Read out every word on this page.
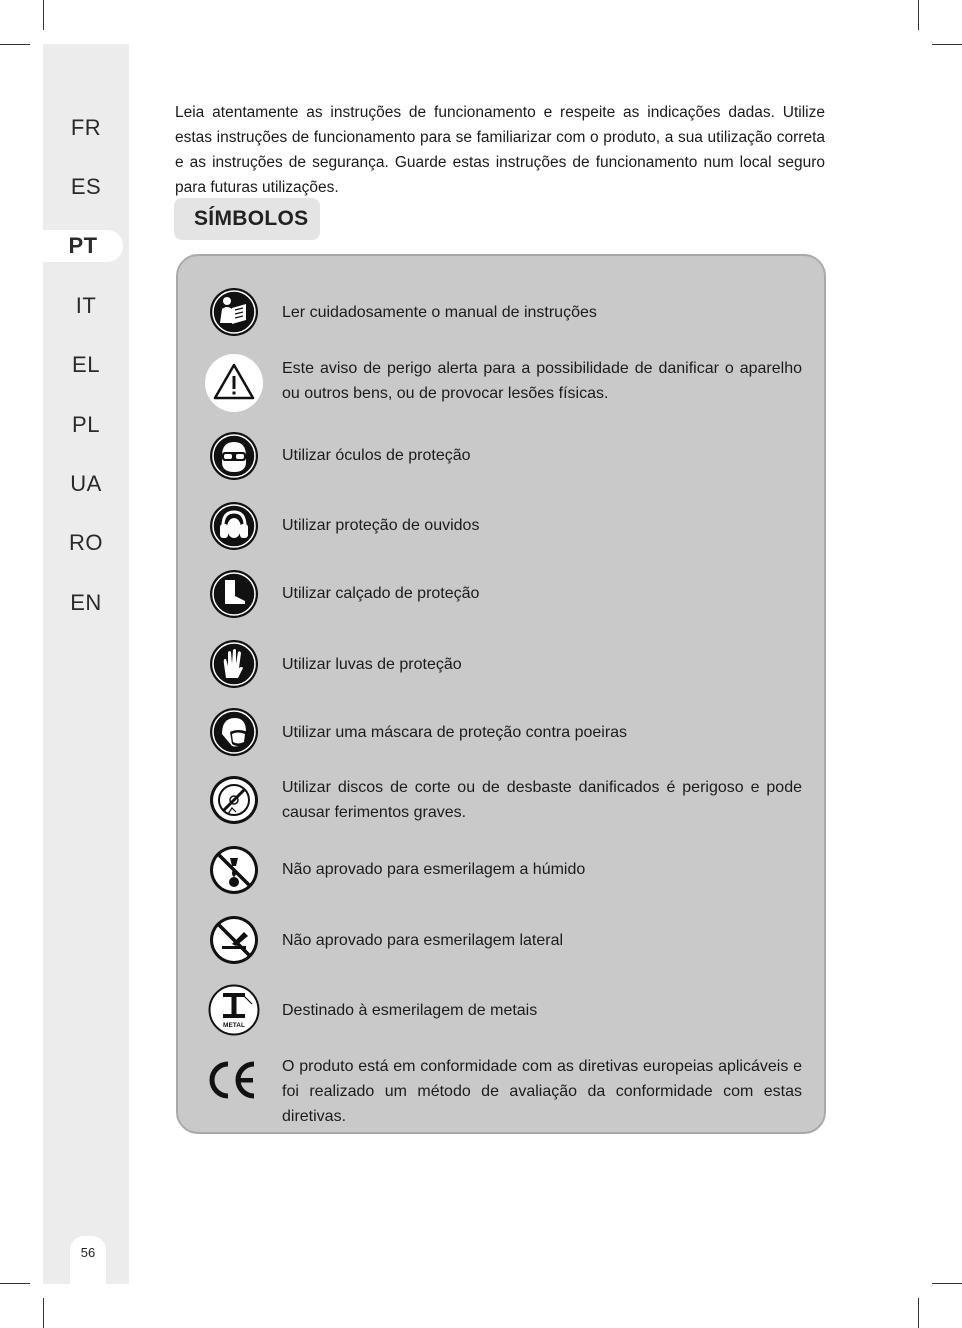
FR
ES
PT
IT
EL
PL
UA
RO
EN
56
Leia atentamente as instruções de funcionamento e respeite as indicações dadas. Utilize estas instruções de funcionamento para se familiarizar com o produto, a sua utilização correta e as instruções de segurança. Guarde estas instruções de funcionamento num local seguro para futuras utilizações.
SÍMBOLOS
Ler cuidadosamente o manual de instruções
Este aviso de perigo alerta para a possibilidade de danificar o aparelho ou outros bens, ou de provocar lesões físicas.
Utilizar óculos de proteção
Utilizar proteção de ouvidos
Utilizar calçado de proteção
Utilizar luvas de proteção
Utilizar uma máscara de proteção contra poeiras
Utilizar discos de corte ou de desbaste danificados é perigoso e pode causar ferimentos graves.
Não aprovado para esmerilagem a húmido
Não aprovado para esmerilagem lateral
METAL
Destinado à esmerilagem de metais
O produto está em conformidade com as diretivas europeias aplicáveis e foi realizado um método de avaliação da conformidade com estas diretivas.
